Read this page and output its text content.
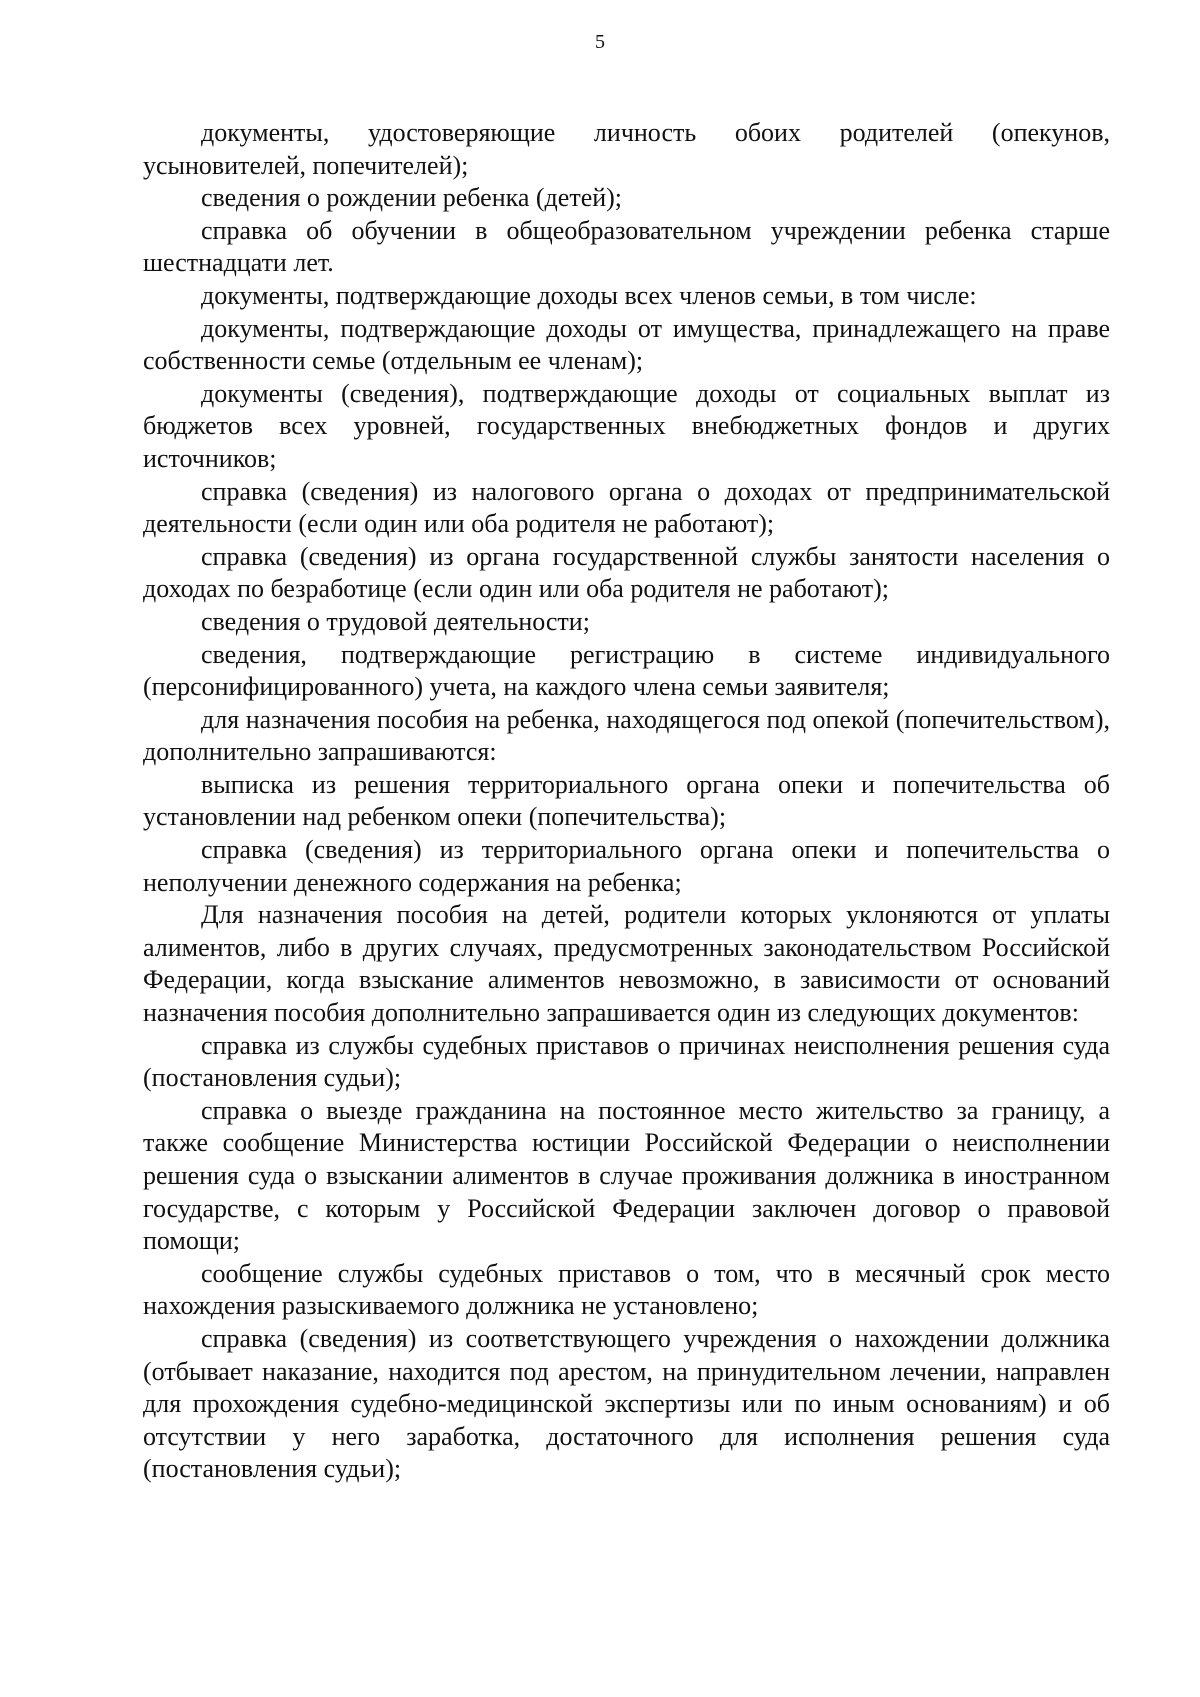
5

документы, удостоверяющие личность обоих родителей (опекунов, усыновителей, попечителей);

сведения о рождении ребенка (детей);

справка об обучении в общеобразовательном учреждении ребенка старше шестнадцати лет.

документы, подтверждающие доходы всех членов семьи, в том числе:

документы, подтверждающие доходы от имущества, принадлежащего на праве собственности семье (отдельным ее членам);

документы (сведения), подтверждающие доходы от социальных выплат из бюджетов всех уровней, государственных внебюджетных фондов и других источников;

справка (сведения) из налогового органа о доходах от предпринимательской деятельности (если один или оба родителя не работают);

справка (сведения) из органа государственной службы занятости населения о доходах по безработице (если один или оба родителя не работают);

сведения о трудовой деятельности;

сведения, подтверждающие регистрацию в системе индивидуального (персонифицированного) учета, на каждого члена семьи заявителя;

для назначения пособия на ребенка, находящегося под опекой (попечительством), дополнительно запрашиваются:

выписка из решения территориального органа опеки и попечительства об установлении над ребенком опеки (попечительства);

справка (сведения) из территориального органа опеки и попечительства о неполучении денежного содержания на ребенка;

Для назначения пособия на детей, родители которых уклоняются от уплаты алиментов, либо в других случаях, предусмотренных законодательством Российской Федерации, когда взыскание алиментов невозможно, в зависимости от оснований назначения пособия дополнительно запрашивается один из следующих документов:

справка из службы судебных приставов о причинах неисполнения решения суда (постановления судьи);

справка о выезде гражданина на постоянное место жительство за границу, а также сообщение Министерства юстиции Российской Федерации о неисполнении решения суда о взыскании алиментов в случае проживания должника в иностранном государстве, с которым у Российской Федерации заключен договор о правовой помощи;

сообщение службы судебных приставов о том, что в месячный срок место нахождения разыскиваемого должника не установлено;

справка (сведения) из соответствующего учреждения о нахождении должника (отбывает наказание, находится под арестом, на принудительном лечении, направлен для прохождения судебно-медицинской экспертизы или по иным основаниям) и об отсутствии у него заработка, достаточного для исполнения решения суда (постановления судьи);
